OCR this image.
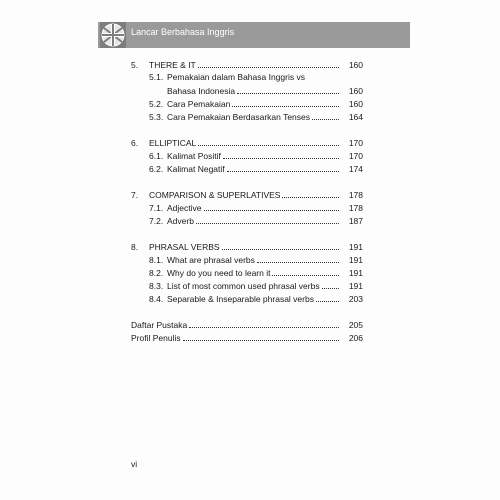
Lancar Berbahasa Inggris
5.	THERE & IT	160
5.1. Pemakaian dalam Bahasa Inggris vs
Bahasa Indonesia	160
5.2. Cara Pemakaian	160
5.3. Cara Pemakaian Berdasarkan Tenses	164
6.	ELLIPTICAL	170
6.1. Kalimat Positif	170
6.2. Kalimat Negatif	174
7.	COMPARISON & SUPERLATIVES	178
7.1. Adjective	178
7.2. Adverb	187
8.	PHRASAL VERBS	191
8.1. What are phrasal verbs	191
8.2. Why do you need to learn it	191
8.3. List of most common used phrasal verbs	191
8.4. Separable & Inseparable phrasal verbs	203
Daftar Pustaka	205
Profil Penulis	206
vi
